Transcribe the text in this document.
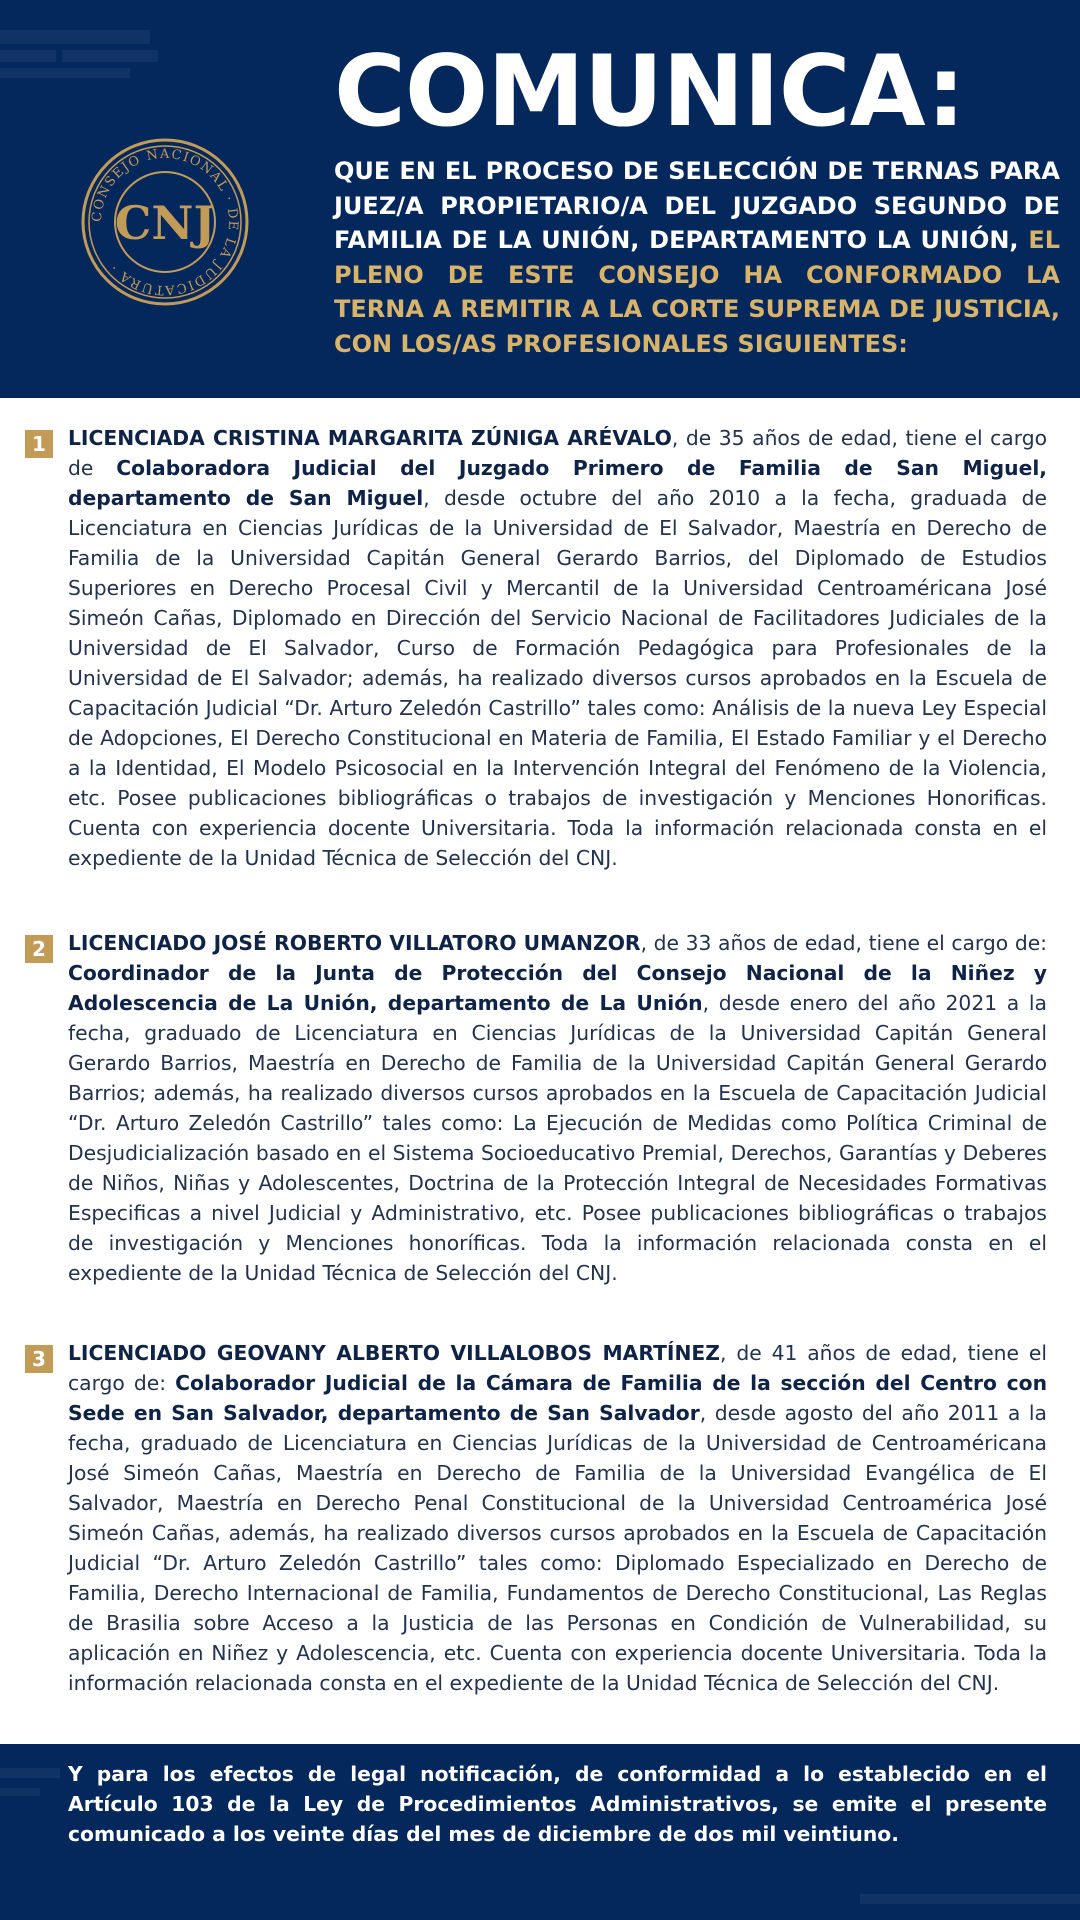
CONSEJO NACIONAL · DE LA JUDICATURA ·
CNJ
COMUNICA:

QUE EN EL PROCESO DE SELECCIÓN DE TERNAS PARA JUEZ/A PROPIETARIO/A DEL JUZGADO SEGUNDO DE FAMILIA DE LA UNIÓN, DEPARTAMENTO LA UNIÓN, EL PLENO DE ESTE CONSEJO HA CONFORMADO LA TERNA A REMITIR A LA CORTE SUPREMA DE JUSTICIA, CON LOS/AS PROFESIONALES SIGUIENTES:

1	LICENCIADA CRISTINA MARGARITA ZÚNIGA ARÉVALO, de 35 años de edad, tiene el cargo de Colaboradora Judicial del Juzgado Primero de Familia de San Miguel, departamento de San Miguel, desde octubre del año 2010 a la fecha, graduada de Licenciatura en Ciencias Jurídicas de la Universidad de El Salvador, Maestría en Derecho de Familia de la Universidad Capitán General Gerardo Barrios, del Diplomado de Estudios Superiores en Derecho Procesal Civil y Mercantil de la Universidad Centroaméricana José Simeón Cañas, Diplomado en Dirección del Servicio Nacional de Facilitadores Judiciales de la Universidad de El Salvador, Curso de Formación Pedagógica para Profesionales de la Universidad de El Salvador; además, ha realizado diversos cursos aprobados en la Escuela de Capacitación Judicial “Dr. Arturo Zeledón Castrillo” tales como: Análisis de la nueva Ley Especial de Adopciones, El Derecho Constitucional en Materia de Familia, El Estado Familiar y el Derecho a la Identidad, El Modelo Psicosocial en la Intervención Integral del Fenómeno de la Violencia, etc. Posee publicaciones bibliográficas o trabajos de investigación y Menciones Honorificas. Cuenta con experiencia docente Universitaria. Toda la información relacionada consta en el expediente de la Unidad Técnica de Selección del CNJ.

2	LICENCIADO JOSÉ ROBERTO VILLATORO UMANZOR, de 33 años de edad, tiene el cargo de: Coordinador de la Junta de Protección del Consejo Nacional de la Niñez y Adolescencia de La Unión, departamento de La Unión, desde enero del año 2021 a la fecha, graduado de Licenciatura en Ciencias Jurídicas de la Universidad Capitán General Gerardo Barrios, Maestría en Derecho de Familia de la Universidad Capitán General Gerardo Barrios; además, ha realizado diversos cursos aprobados en la Escuela de Capacitación Judicial “Dr. Arturo Zeledón Castrillo” tales como: La Ejecución de Medidas como Política Criminal de Desjudicialización basado en el Sistema Socioeducativo Premial, Derechos, Garantías y Deberes de Niños, Niñas y Adolescentes, Doctrina de la Protección Integral de Necesidades Formativas Especificas a nivel Judicial y Administrativo, etc. Posee publicaciones bibliográficas o trabajos de investigación y Menciones honoríficas. Toda la información relacionada consta en el expediente de la Unidad Técnica de Selección del CNJ.

3	LICENCIADO GEOVANY ALBERTO VILLALOBOS MARTÍNEZ, de 41 años de edad, tiene el cargo de: Colaborador Judicial de la Cámara de Familia de la sección del Centro con Sede en San Salvador, departamento de San Salvador, desde agosto del año 2011 a la fecha, graduado de Licenciatura en Ciencias Jurídicas de la Universidad de Centroaméricana José Simeón Cañas, Maestría en Derecho de Familia de la Universidad Evangélica de El Salvador, Maestría en Derecho Penal Constitucional de la Universidad Centroamérica José Simeón Cañas, además, ha realizado diversos cursos aprobados en la Escuela de Capacitación Judicial “Dr. Arturo Zeledón Castrillo” tales como: Diplomado Especializado en Derecho de Familia, Derecho Internacional de Familia, Fundamentos de Derecho Constitucional, Las Reglas de Brasilia sobre Acceso a la Justicia de las Personas en Condición de Vulnerabilidad, su aplicación en Niñez y Adolescencia, etc. Cuenta con experiencia docente Universitaria. Toda la información relacionada consta en el expediente de la Unidad Técnica de Selección del CNJ.

Y para los efectos de legal notificación, de conformidad a lo establecido en el Artículo 103 de la Ley de Procedimientos Administrativos, se emite el presente comunicado a los veinte días del mes de diciembre de dos mil veintiuno.
